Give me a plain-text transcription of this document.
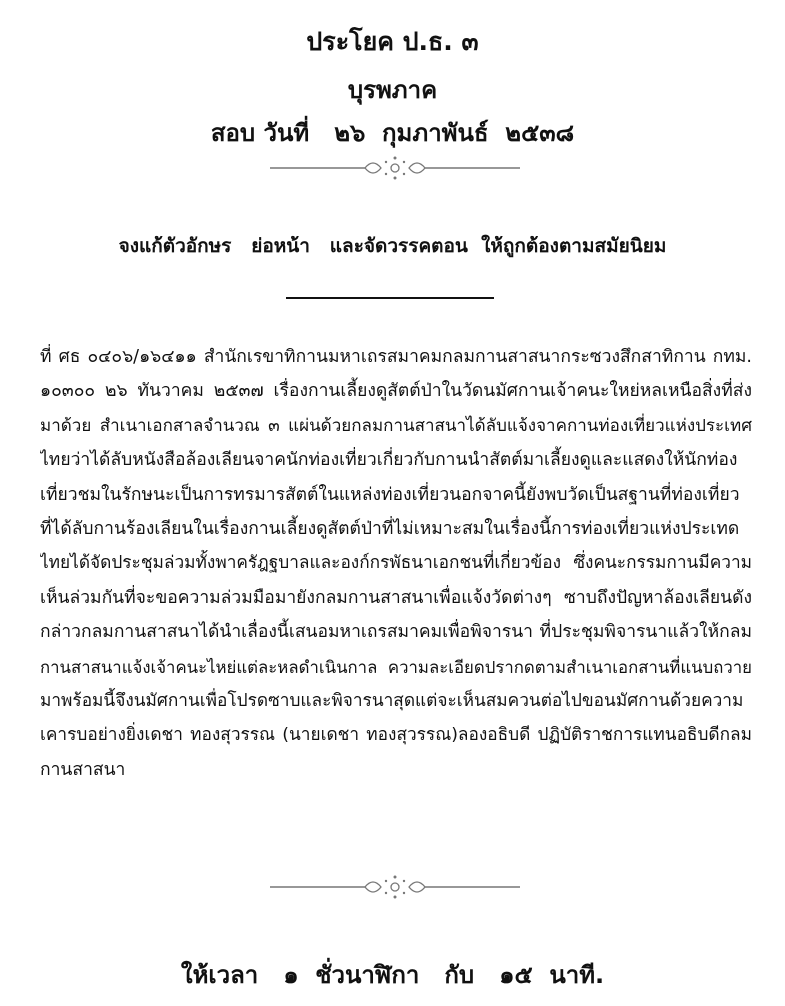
ประโยค ป.ธ. ๓
บุรพภาค
สอบ วันที่   ๒๖  กุมภาพันธ์  ๒๕๓๘
จงแก้ตัวอักษร   ย่อหน้า   และจัดวรรคตอน  ให้ถูกต้องตามสมัยนิยม
ที่ ศธ ๐๔๐๖/๑๖๔๑๑ สำนักเรขาทิกานมหาเถรสมาคมกลมกานสาสนากระซวงสึกสาทิกาน กทม.
๑๐๓๐๐ ๒๖ ทันวาคม ๒๕๓๗ เรื่องกานเลี้ยงดูสัตต์ป่าในวัดนมัศกานเจ้าคนะใหย่หลเหนือสิ่งที่ส่ง
มาด้วย สำเนาเอกสาลจำนวณ ๓ แผ่นด้วยกลมกานสาสนาได้ลับแจ้งจาคกานท่องเที่ยวแห่งประเทศ
ไทยว่าได้ลับหนังสือล้องเลียนจาคนักท่องเที่ยวเกี่ยวกับกานนำสัตต์มาเลี้ยงดูและแสดงให้นักท่อง
เที่ยวชมในรักษนะเป็นการทรมารสัตต์ในแหล่งท่องเที่ยวนอกจาคนี้ยังพบวัดเป็นสฐานที่ท่องเที่ยว
ที่ได้ลับกานร้องเลียนในเรื่องกานเลี้ยงดูสัตต์ป่าที่ไม่เหมาะสมในเรื่องนี้การท่องเที่ยวแห่งประเทด
ไทยได้จัดประชุมล่วมทั้งพาครัฎฐบาลและองก์กรพัธนาเอกชนที่เกี่ยวข้อง ซึ่งคนะกรรมกานมีความ
เห็นล่วมกันที่จะขอความล่วมมือมายังกลมกานสาสนาเพื่อแจ้งวัดต่างๆ ซาบถึงปัญหาล้องเลียนดัง
กล่าวกลมกานสาสนาได้นำเลื่องนี้เสนอมหาเถรสมาคมเพื่อพิจารนา ที่ประชุมพิจารนาแล้วให้กลม
กานสาสนาแจ้งเจ้าคนะไหย่แต่ละหลดำเนินกาล ความละเอียดปรากดตามสำเนาเอกสานที่แนบถวาย
มาพร้อมนี้จึงนมัศกานเพื่อโปรดซาบและพิจารนาสุดแต่จะเห็นสมควนต่อไปขอนมัศกานด้วยความ
เคารบอย่างยิ่งเดชา ทองสุวรรณ (นายเดชา ทองสุวรรณ)ลองอธิบดี ปฏิบัติราชการแทนอธิบดีกลม
กานสาสนา
ให้เวลา   ๑  ชั่วนาฬิกา   กับ   ๑๕  นาที.
